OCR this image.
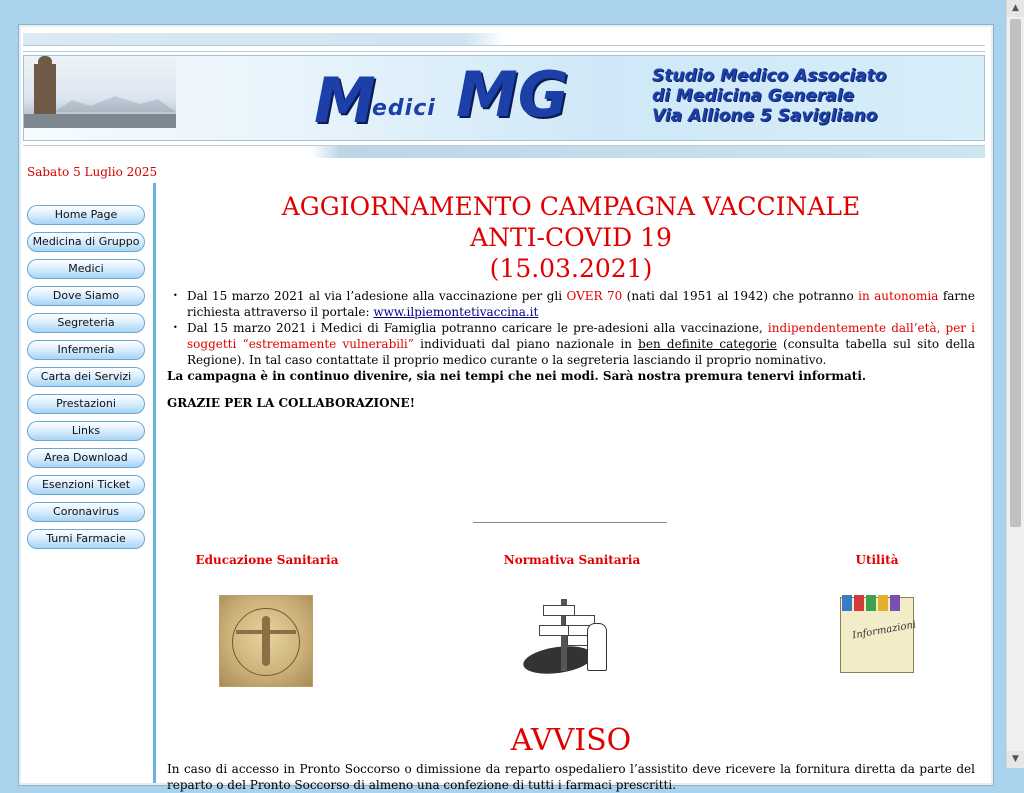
M
edici MG	Studio Medico Associato
di Medicina Generale
Via Allione 5 Savigliano
Sabato 5 Luglio 2025
Home Page
Medicina di Gruppo
Medici
Dove Siamo
Segreteria
Infermeria
Carta dei Servizi
Prestazioni
Links
Area Download
Esenzioni Ticket
Coronavirus
Turni Farmacie
AGGIORNAMENTO CAMPAGNA VACCINALE
ANTI-COVID 19
(15.03.2021)
• Dal 15 marzo 2021 al via l’adesione alla vaccinazione per gli OVER 70 (nati dal 1951 al 1942) che potranno in autonomia farne richiesta attraverso il portale: www.ilpiemontetivaccina.it
• Dal 15 marzo 2021 i Medici di Famiglia potranno caricare le pre-adesioni alla vaccinazione, indipendentemente dall’età, per i soggetti “estremamente vulnerabili” individuati dal piano nazionale in ben definite categorie (consulta tabella sul sito della Regione). In tal caso contattate il proprio medico curante o la segreteria lasciando il proprio nominativo.

La campagna è in continuo divenire, sia nei tempi che nei modi. Sarà nostra premura tenervi informati.

GRAZIE PER LA COLLABORAZIONE!

Educazione Sanitaria	Normativa Sanitaria	Utilità
Informazioni
AVVISO
In caso di accesso in Pronto Soccorso o dimissione da reparto ospedaliero l’assistito deve ricevere la fornitura diretta da parte del reparto o del Pronto Soccorso di almeno una confezione di tutti i farmaci prescritti.
▲
▼
